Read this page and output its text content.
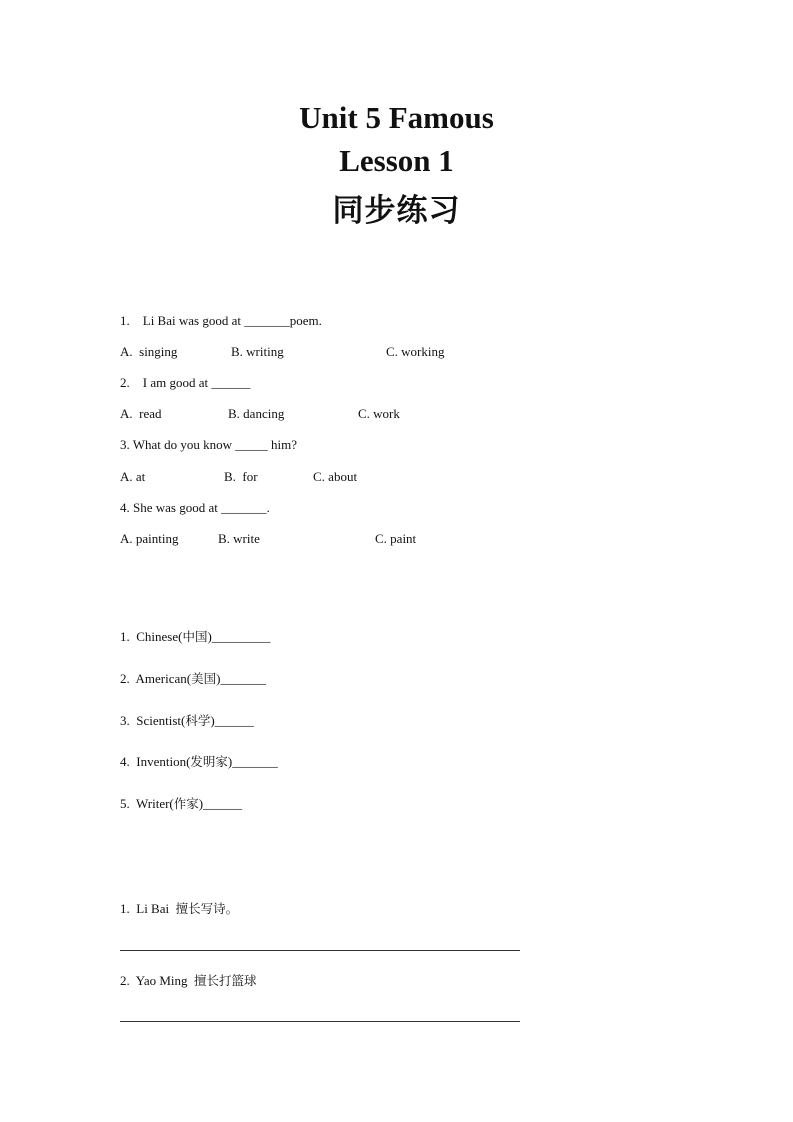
Unit 5 Famous
Lesson 1
同步练习
1.    Li Bai was good at _______poem.
A.  singing	B. writing	C. working
2.    I am good at ______
A.  read	B. dancing	C. work
3. What do you know _____ him?
A. at	B.  for	C. about
4. She was good at _______.
A. painting	B. write	C. paint
1.  Chinese(中国)_________
2.  American(美国)_______
3.  Scientist(科学)______
4.  Invention(发明家)_______
5.  Writer(作家)______
1.  Li Bai  擅长写诗。
2.  Yao Ming  擅长打篮球
